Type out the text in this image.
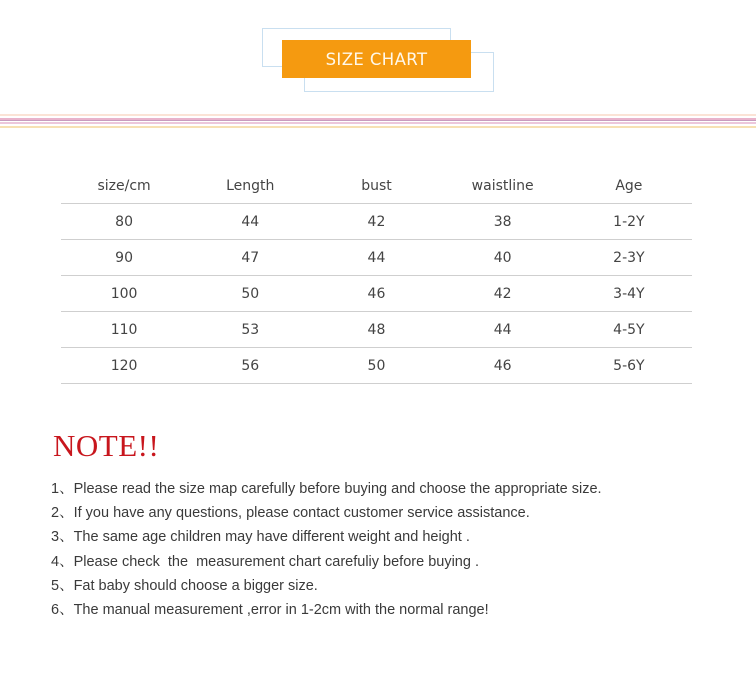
SIZE CHART
size/cm	Length	bust	waistline	Age
80	44	42	38	1-2Y
90	47	44	40	2-3Y
100	50	46	42	3-4Y
110	53	48	44	4-5Y
120	56	50	46	5-6Y
NOTE!!
1、Please read the size map carefully before buying and choose the appropriate size.
2、If you have any questions, please contact customer service assistance.
3、The same age children may have different weight and height .
4、Please check  the  measurement chart carefuliy before buying .
5、Fat baby should choose a bigger size.
6、The manual measurement ,error in 1-2cm with the normal range!
